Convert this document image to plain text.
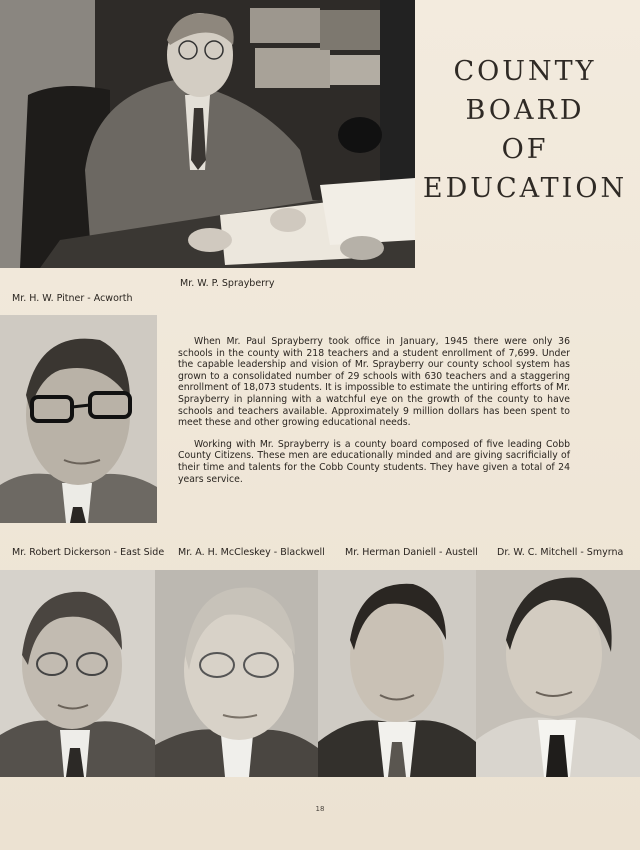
COUNTY
BOARD
OF
EDUCATION
Mr. W. P. Sprayberry
Mr. H. W. Pitner - Acworth

When Mr. Paul Sprayberry took office in January, 1945 there were only 36 schools in the county with 218 teachers and a student enrollment of 7,699. Under the capable leadership and vision of Mr. Sprayberry our county school system has grown to a consolidated number of 29 schools with 630 teachers and a staggering enrollment of 18,073 students. It is impossible to estimate the untiring efforts of Mr. Sprayberry in planning with a watchful eye on the growth of the county to have schools and teachers available. Approximately 9 million dollars has been spent to meet these and other growing educational needs.

Working with Mr. Sprayberry is a county board composed of five leading Cobb County Citizens. These men are educationally minded and are giving sacrificially of their time and talents for the Cobb County students. They have given a total of 24 years service.

Mr. Robert Dickerson - East Side Mr. A. H. McCleskey - Blackwell Mr. Herman Daniell - Austell Dr. W. C. Mitchell - Smyrna
18
